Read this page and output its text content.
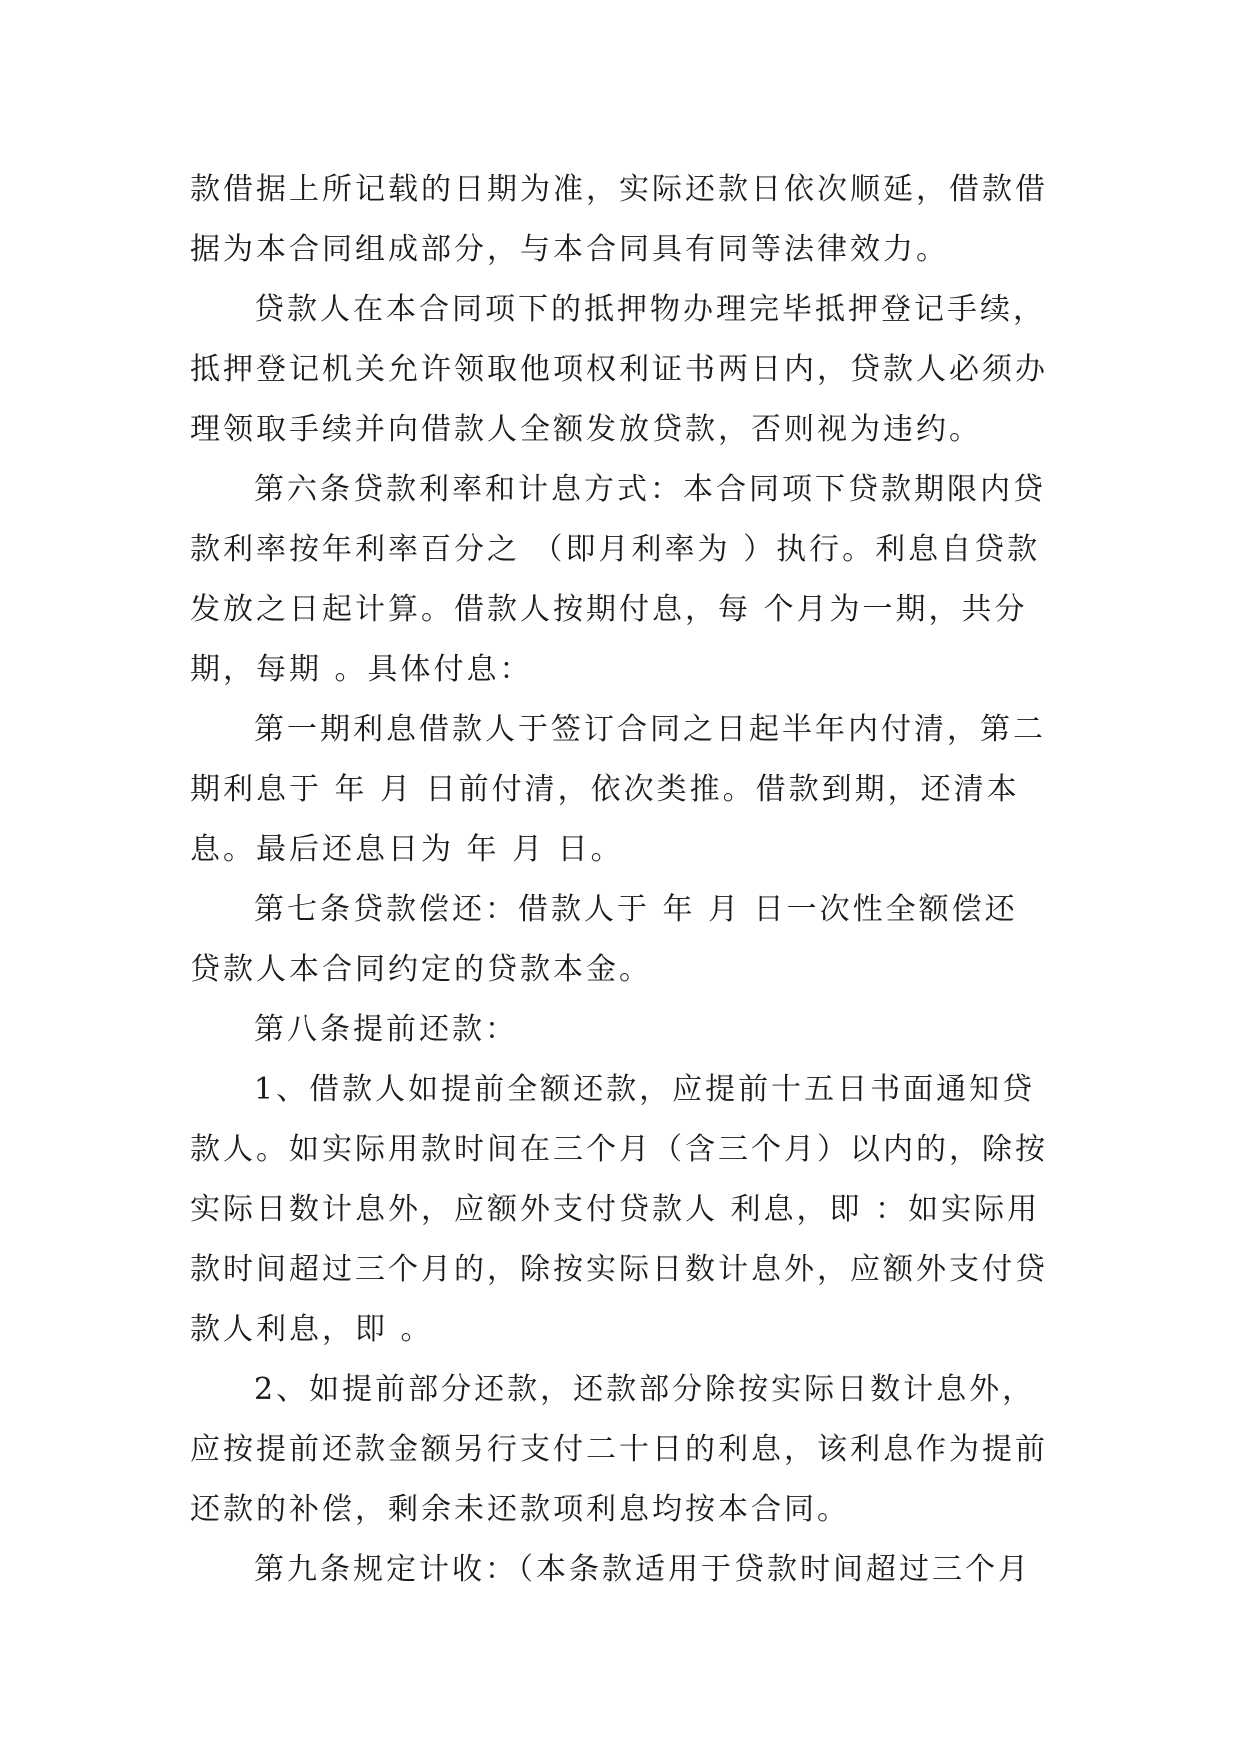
款借据上所记载的日期为准，实际还款日依次顺延，借款借
据为本合同组成部分，与本合同具有同等法律效力。
贷款人在本合同项下的抵押物办理完毕抵押登记手续，
抵押登记机关允许领取他项权利证书两日内，贷款人必须办
理领取手续并向借款人全额发放贷款，否则视为违约。
第六条贷款利率和计息方式：本合同项下贷款期限内贷
款利率按年利率百分之 （即月利率为 ）执行。利息自贷款
发放之日起计算。借款人按期付息，每 个月为一期，共分
期，每期 。具体付息：
第一期利息借款人于签订合同之日起半年内付清，第二
期利息于 年 月 日前付清，依次类推。借款到期，还清本
息。最后还息日为 年 月 日。
第七条贷款偿还：借款人于 年 月 日一次性全额偿还
贷款人本合同约定的贷款本金。
第八条提前还款：
1、借款人如提前全额还款，应提前十五日书面通知贷
款人。如实际用款时间在三个月（含三个月）以内的，除按
实际日数计息外，应额外支付贷款人 利息，即 ：如实际用
款时间超过三个月的，除按实际日数计息外，应额外支付贷
款人利息，即 。
2、如提前部分还款，还款部分除按实际日数计息外，
应按提前还款金额另行支付二十日的利息，该利息作为提前
还款的补偿，剩余未还款项利息均按本合同。
第九条规定计收：（本条款适用于贷款时间超过三个月
